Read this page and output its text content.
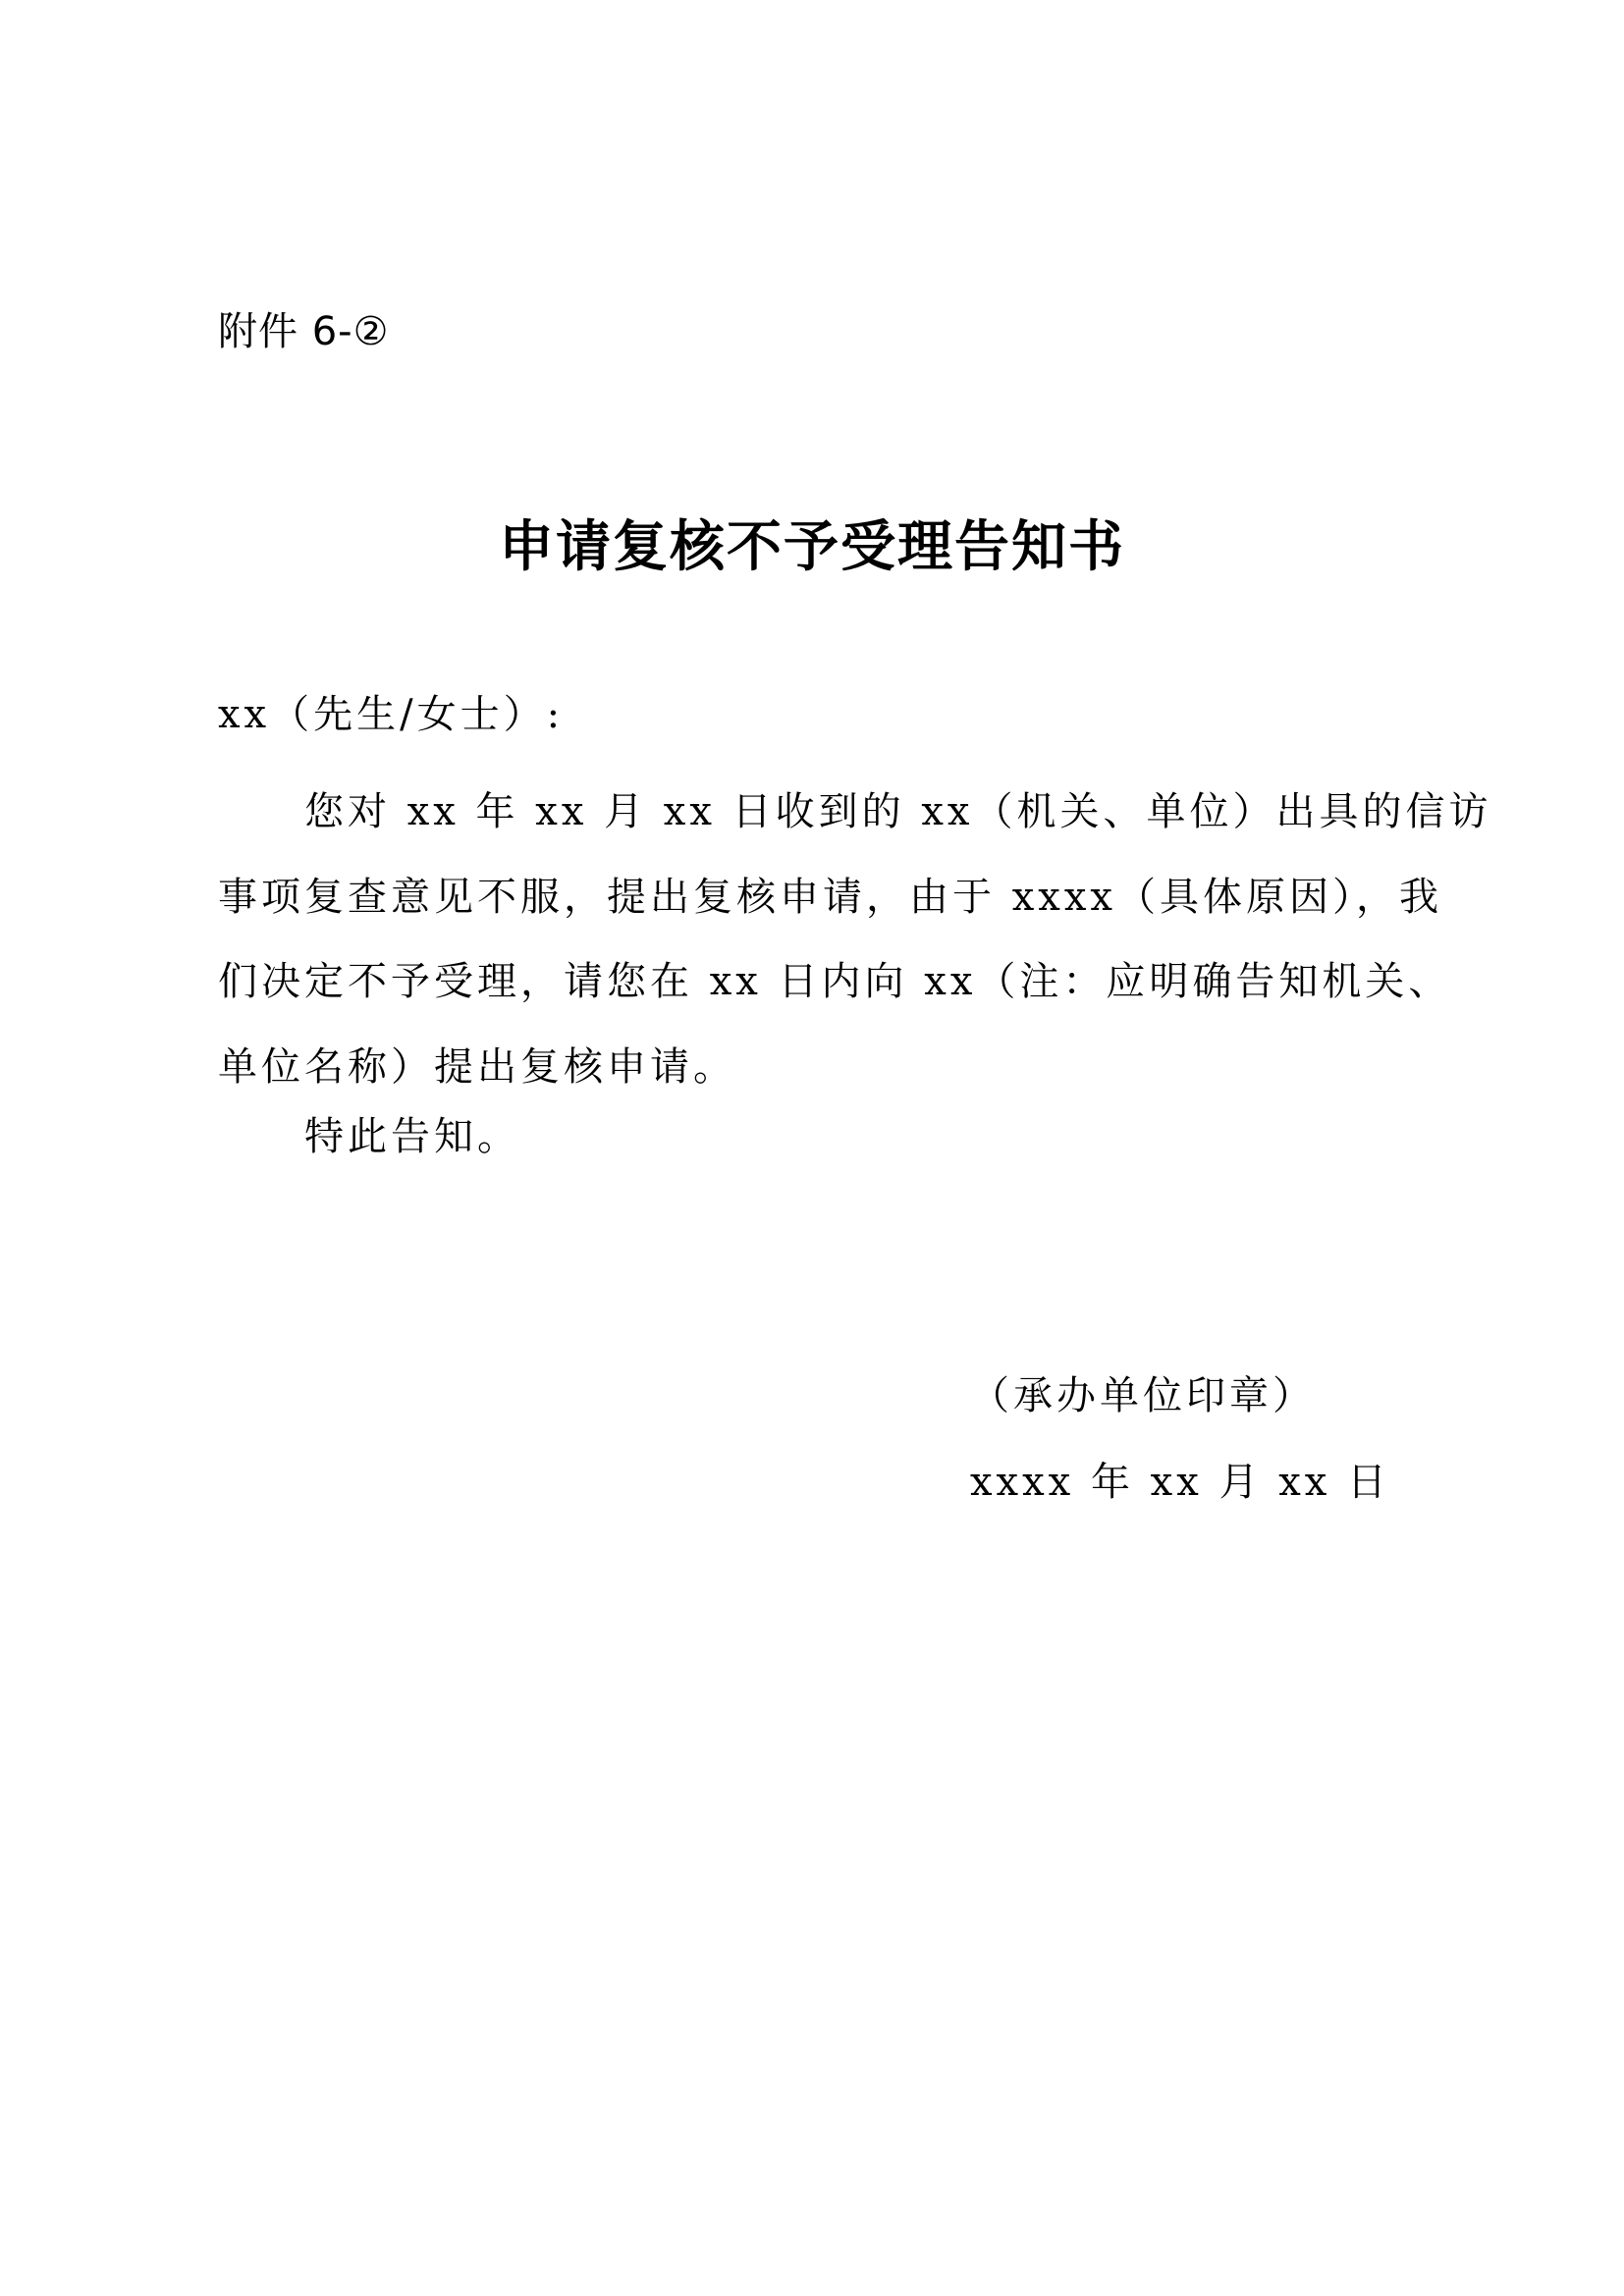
附件 6-②
申请复核不予受理告知书
xx（先生/女士）:
您对 xx 年 xx 月 xx 日收到的 xx（机关、单位）出具的信访
事项复查意见不服，提出复核申请，由于 xxxx（具体原因），我
们决定不予受理，请您在 xx 日内向 xx（注：应明确告知机关、
单位名称）提出复核申请。
特此告知。
（承办单位印章）
xxxx 年 xx 月 xx 日
